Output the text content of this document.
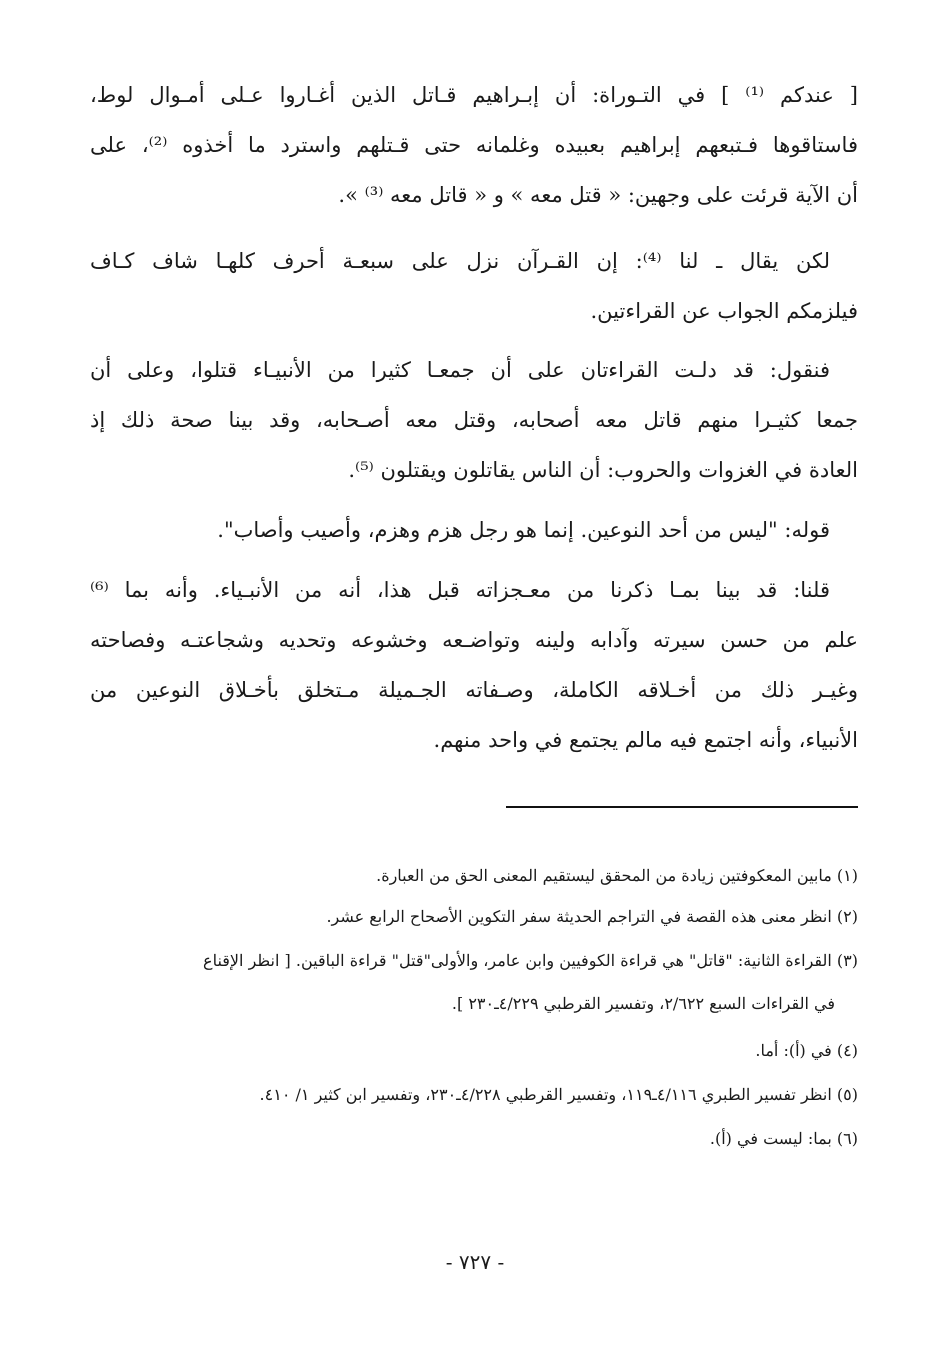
[ عندكم ⁽¹⁾ ] في التـوراة: أن إبـراهيم قـاتل الذين أغـاروا عـلى أمـوال لوط،
فاستاقوها فـتبعهم إبراهيم بعبيده وغلمانه حتى قـتلهم واسترد ما أخذوه ⁽²⁾، على
أن الآية قرئت على وجهين: « قتل معه » و « قاتل معه ⁽³⁾ ».
لكن يقال ـ لنا ⁽⁴⁾: إن القـرآن نزل على سبعـة أحرف كلهـا شاف كـاف
فيلزمكم الجواب عن القراءتين.
فنقول: قد دلـت القراءتان على أن جمعـا كثيرا من الأنبيـاء قتلوا، وعلى أن
جمعا كثيـرا منهم قاتل معه أصحابه، وقتل معه أصـحابه، وقد بينا صحة ذلك إذ
العادة في الغزوات والحروب: أن الناس يقاتلون ويقتلون ⁽⁵⁾.
قوله: "ليس من أحد النوعين. إنما هو رجل هزم وهزم، وأصيب وأصاب".
قلنا: قد بينا بمـا ذكرنا من معـجزاته قبل هذا، أنه من الأنبـياء. وأنه بما ⁽⁶⁾
علم من حسن سيرته وآدابه ولينه وتواضـعه وخشوعه وتحديه وشجاعتـه وفصاحته
وغيـر ذلك من أخـلاقه الكاملة، وصـفاته الجـميلة مـتخلق بأخـلاق النوعين من
الأنبياء، وأنه اجتمع فيه مالم يجتمع في واحد منهم.
(١) مابين المعكوفتين زيادة من المحقق ليستقيم المعنى الحق من العبارة.
(٢) انظر معنى هذه القصة في التراجم الحديثة سفر التكوين الأصحاح الرابع عشر.
(٣) القراءة الثانية: "قاتل" هي قراءة الكوفيين وابن عامر، والأولى"قتل" قراءة الباقين. [ انظر الإقناع
في القراءات السبع ٢/٦٢٢، وتفسير القرطبي ٤/٢٢٩ـ٢٣٠ ].
(٤) في (أ): أما.
(٥) انظر تفسير الطبري ٤/١١٦ـ١١٩، وتفسير القرطبي ٤/٢٢٨ـ٢٣٠، وتفسير ابن كثير ١/ ٤١٠.
(٦) بما: ليست في (أ).
- ٧٢٧ -
